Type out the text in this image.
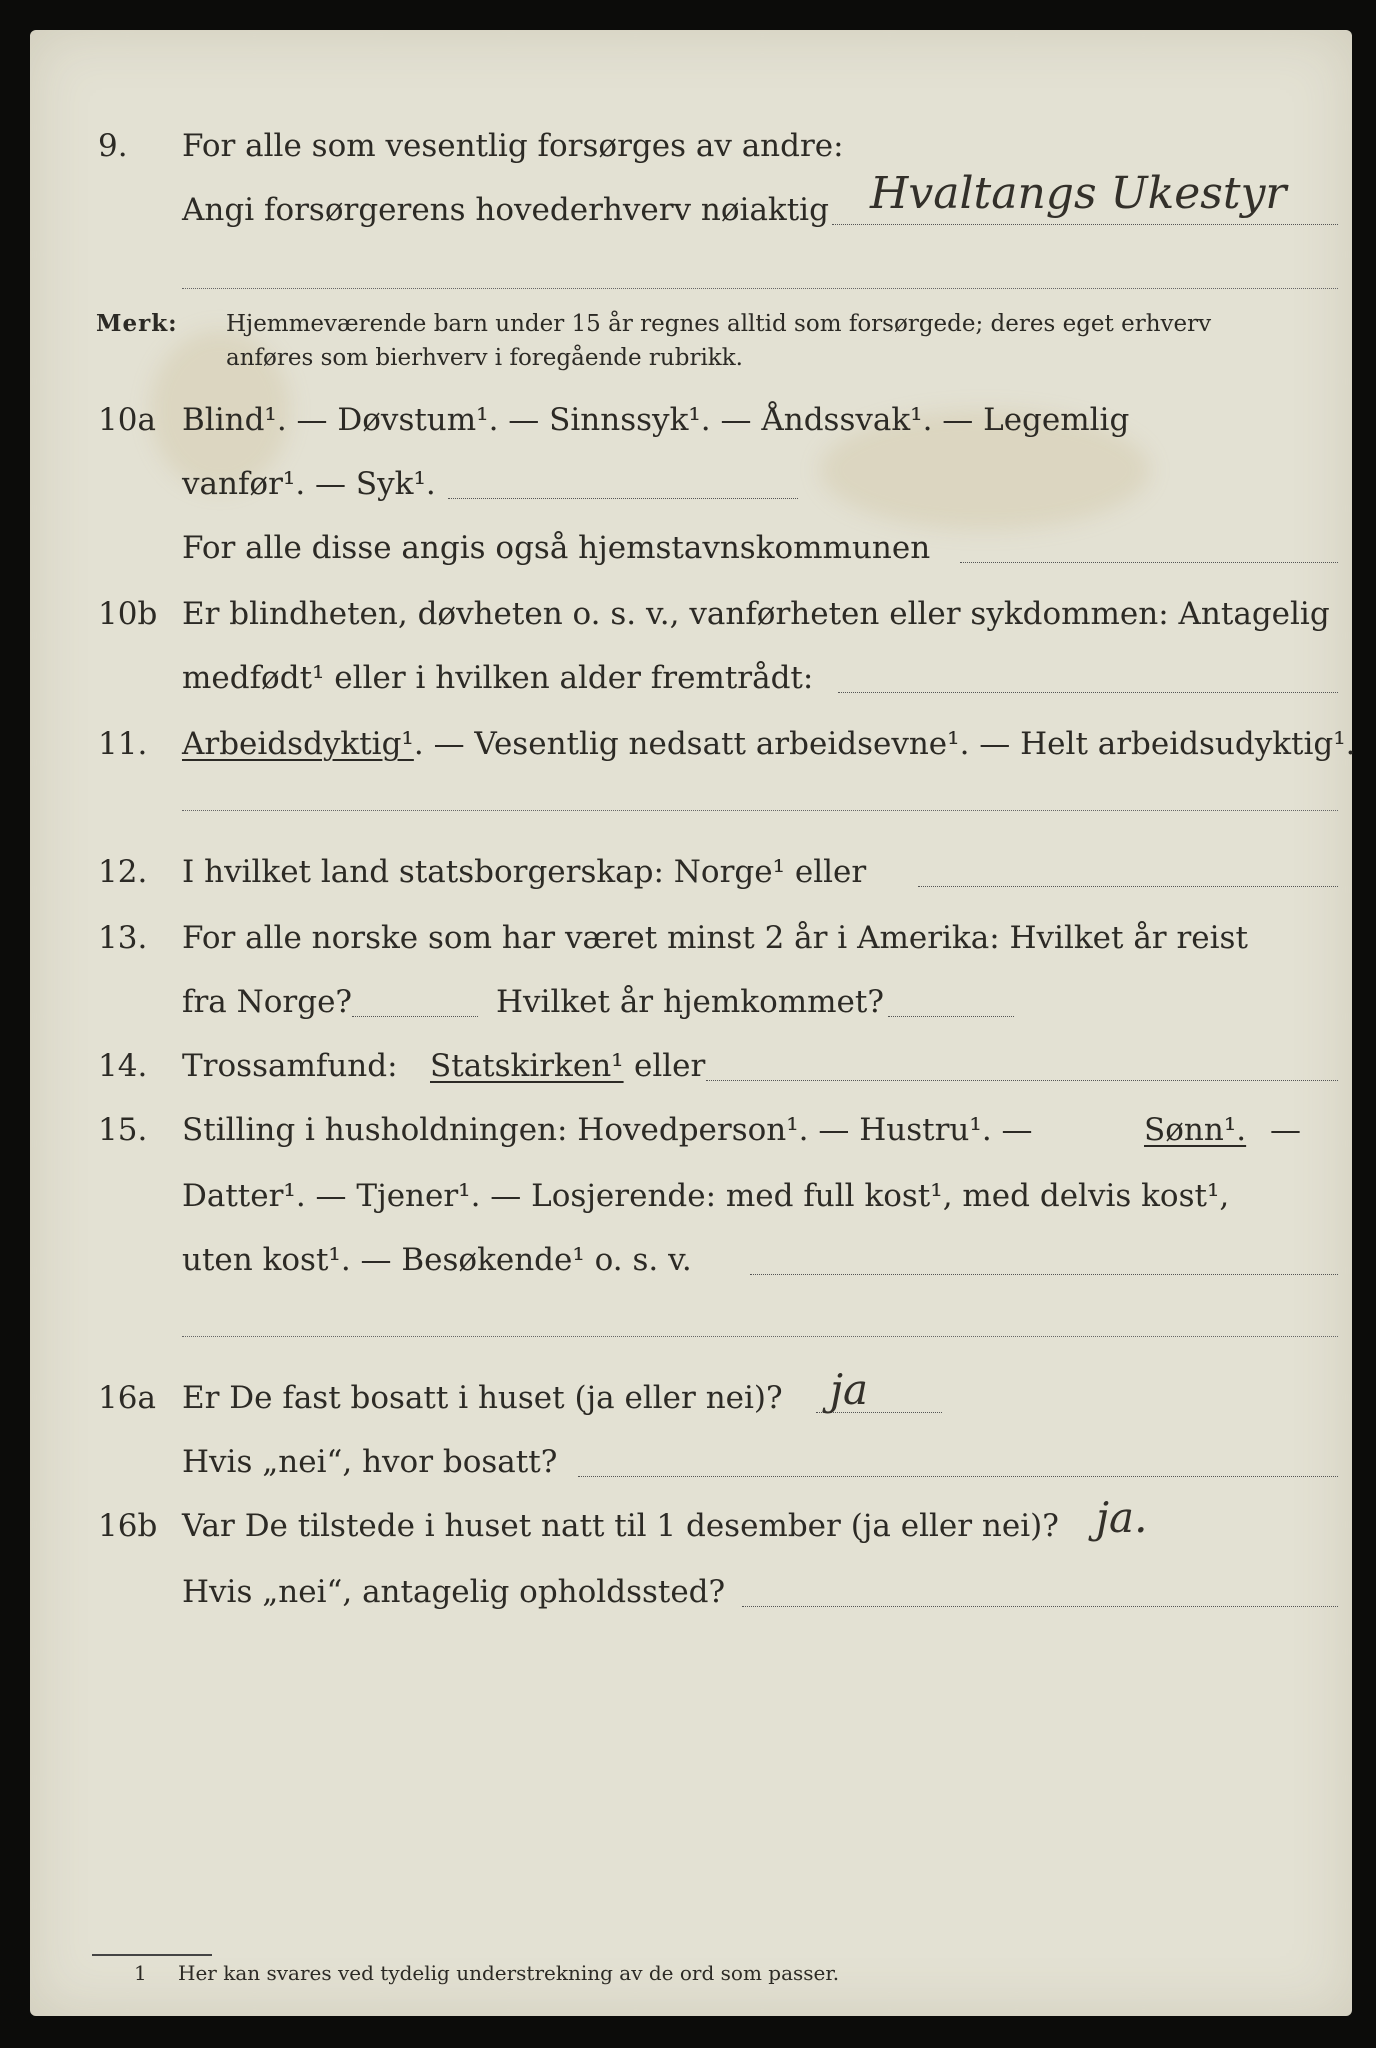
9. For alle som vesentlig forsørges av andre:
Angi forsørgerens hovederhverv nøiaktig Hvaltangs Ukestyr
Merk: Hjemmeværende barn under 15 år regnes alltid som forsørgede; deres eget erhverv
anføres som bierhverv i foregående rubrikk.
10a Blind¹. — Døvstum¹. — Sinnssyk¹. — Åndssvak¹. — Legemlig
vanfør¹. — Syk¹.
For alle disse angis også hjemstavnskommunen
10b Er blindheten, døvheten o. s. v., vanførheten eller sykdommen: Antagelig
medfødt¹ eller i hvilken alder fremtrådt:
11. Arbeidsdyktig¹. — Vesentlig nedsatt arbeidsevne¹. — Helt arbeidsudyktig¹.
12. I hvilket land statsborgerskap: Norge¹ eller
13. For alle norske som har været minst 2 år i Amerika: Hvilket år reist
fra Norge?	Hvilket år hjemkommet?
14. Trossamfund: Statskirken¹ eller
15. Stilling i husholdningen: Hovedperson¹. — Hustru¹. —	Sønn¹. —
Datter¹. — Tjener¹. — Losjerende: med full kost¹, med delvis kost¹,
uten kost¹. — Besøkende¹ o. s. v.
16a Er De fast bosatt i huset (ja eller nei)? ja
Hvis „nei“, hvor bosatt?
16b Var De tilstede i huset natt til 1 desember (ja eller nei)? ja.
Hvis „nei“, antagelig opholdssted?
1 Her kan svares ved tydelig understrekning av de ord som passer.
